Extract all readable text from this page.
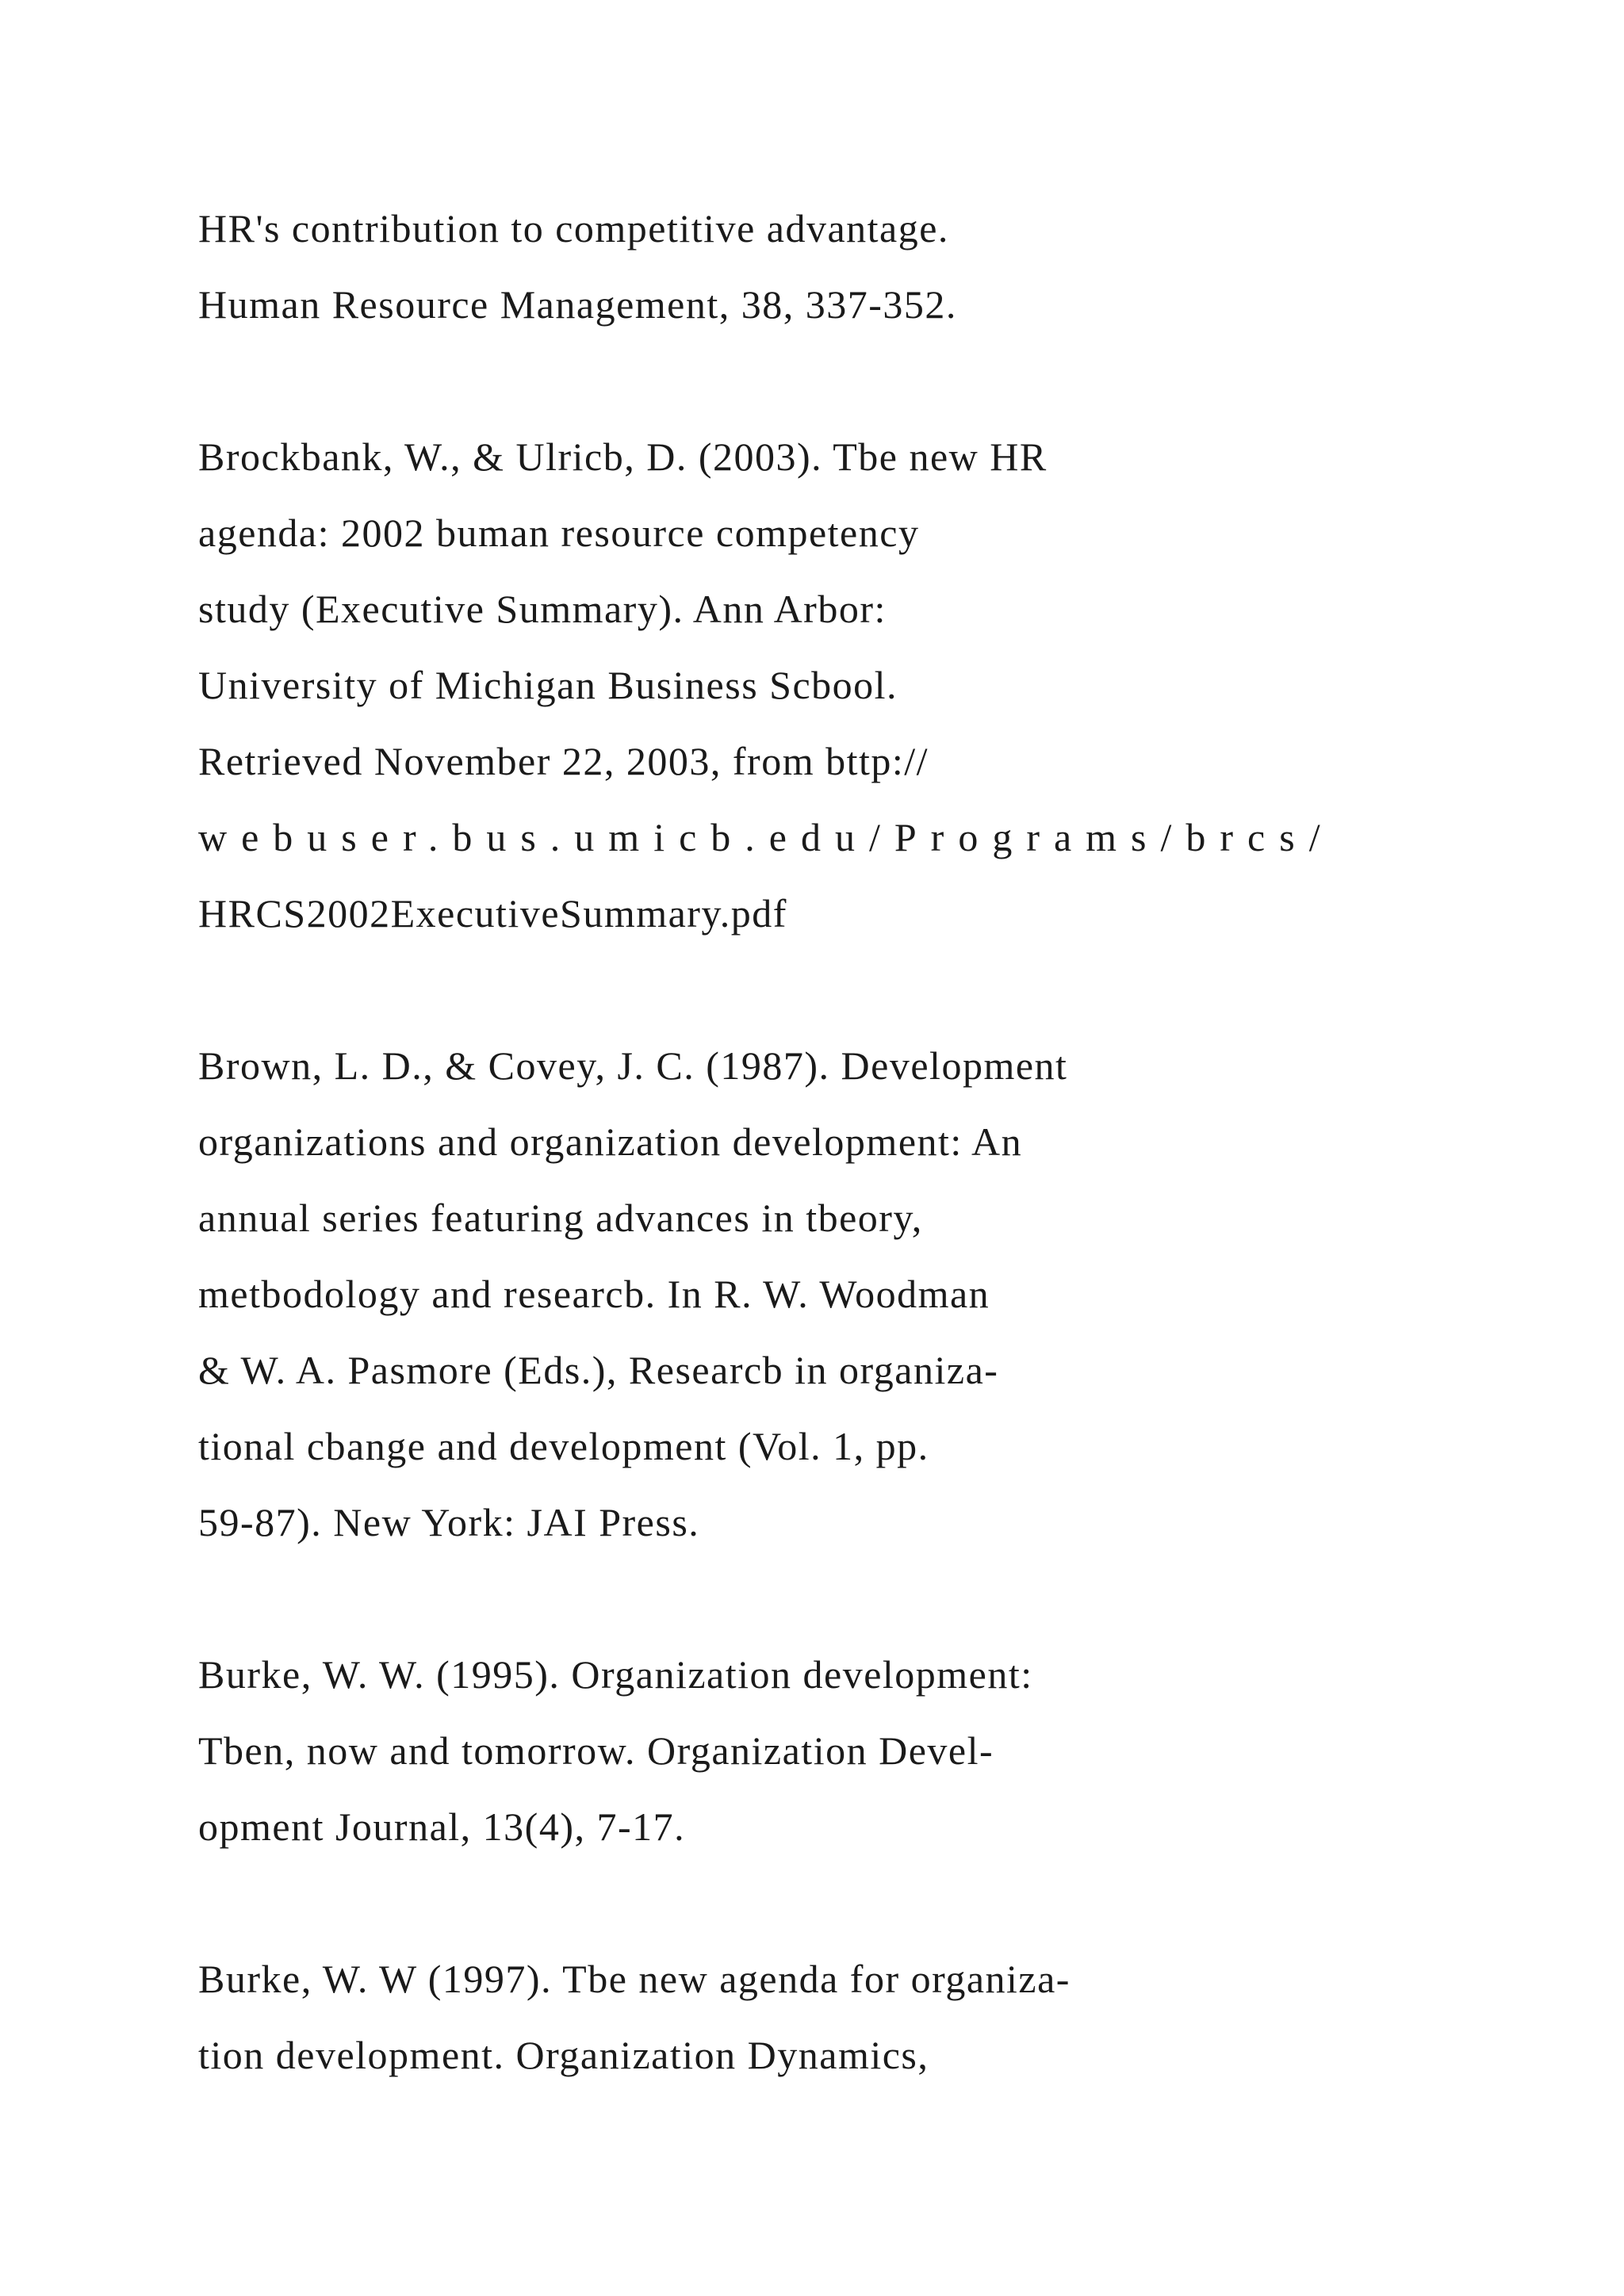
HR's contribution to competitive advantage.
Human Resource Management, 38, 337-352.
Brockbank, W., & Ulricb, D. (2003). Tbe new HR
agenda: 2002 buman resource competency
study (Executive Summary). Ann Arbor:
University of Michigan Business Scbool.
Retrieved November 22, 2003, from bttp://
webuser.bus.umicb.edu/Programs/brcs/
HRCS2002ExecutiveSummary.pdf
Brown, L. D., & Covey, J. C. (1987). Development
organizations and organization development: An
annual series featuring advances in tbeory,
metbodology and researcb. In R. W. Woodman
& W. A. Pasmore (Eds.), Researcb in organiza-
tional cbange and development (Vol. 1, pp.
59-87). New York: JAI Press.
Burke, W. W. (1995). Organization development:
Tben, now and tomorrow. Organization Devel-
opment Journal, 13(4), 7-17.
Burke, W. W (1997). Tbe new agenda for organiza-
tion development. Organization Dynamics,
